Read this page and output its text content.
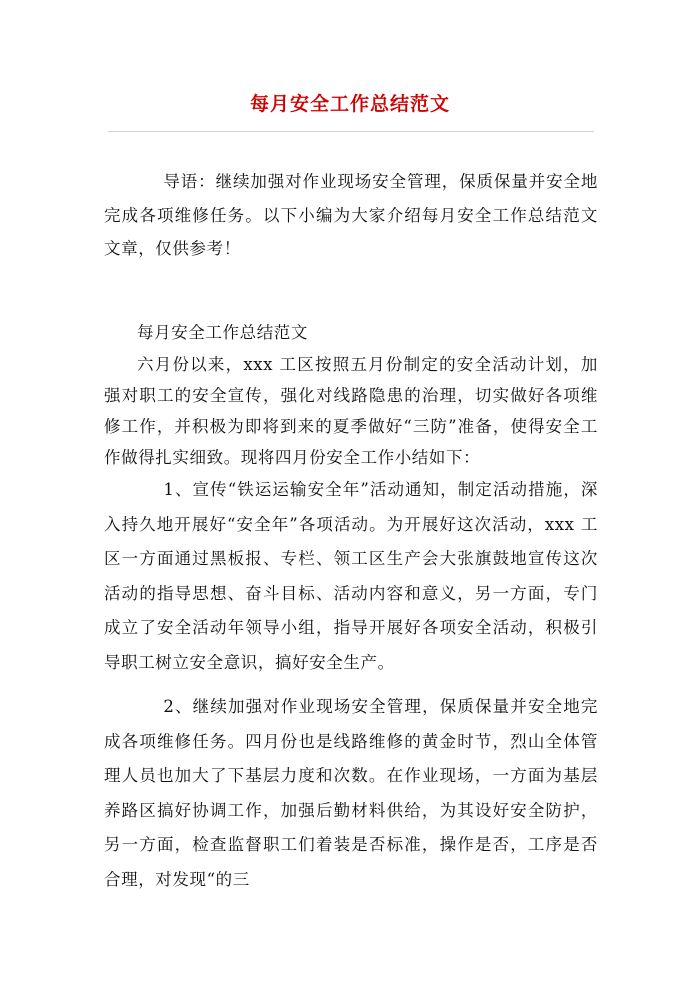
每月安全工作总结范文

导语：继续加强对作业现场安全管理，保质保量并安全地完成各项维修任务。以下小编为大家介绍每月安全工作总结范文文章，仅供参考！

每月安全工作总结范文

六月份以来，xxx 工区按照五月份制定的安全活动计划，加强对职工的安全宣传，强化对线路隐患的治理，切实做好各项维修工作，并积极为即将到来的夏季做好“三防”准备，使得安全工作做得扎实细致。现将四月份安全工作小结如下：

1、宣传“铁运运输安全年”活动通知，制定活动措施，深入持久地开展好“安全年”各项活动。为开展好这次活动，xxx 工区一方面通过黑板报、专栏、领工区生产会大张旗鼓地宣传这次活动的指导思想、奋斗目标、活动内容和意义，另一方面，专门成立了安全活动年领导小组，指导开展好各项安全活动，积极引导职工树立安全意识，搞好安全生产。

2、继续加强对作业现场安全管理，保质保量并安全地完成各项维修任务。四月份也是线路维修的黄金时节，烈山全体管理人员也加大了下基层力度和次数。在作业现场，一方面为基层养路区搞好协调工作，加强后勤材料供给，为其设好安全防护，另一方面，检查监督职工们着装是否标准，操作是否，工序是否合理，对发现“的三
